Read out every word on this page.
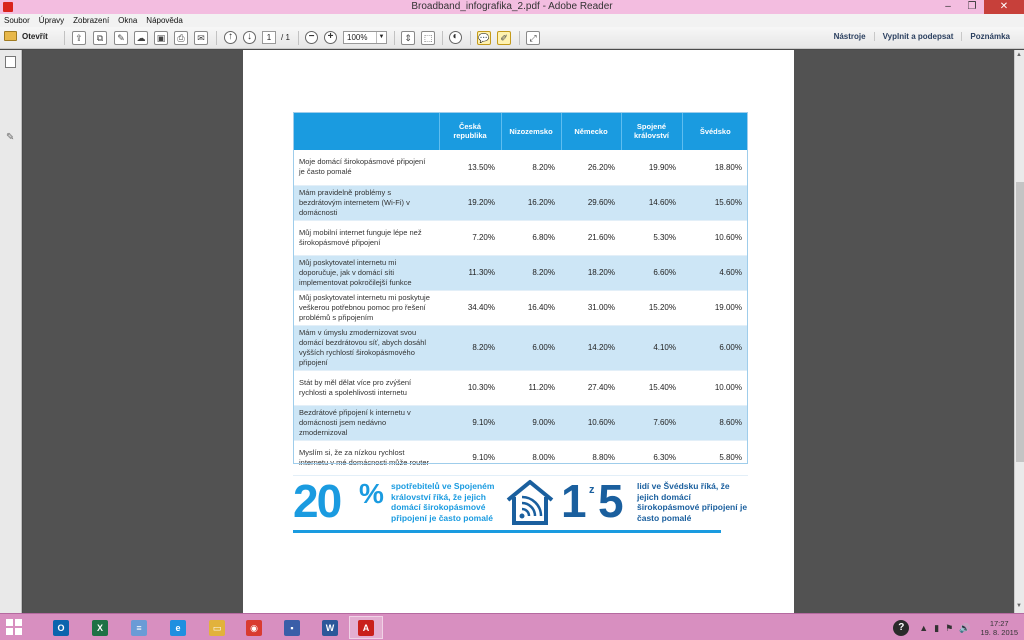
Broadband_infografika_2.pdf - Adobe Reader	–	❐	✕
Soubor Úpravy Zobrazení Okna Nápověda
Otevřít	⇪	⧉	✎	☁	▣	⎙	✉	↑	↓	1	/ 1	−	+	100%	▼	⇕	⬚	◐	💬	✐	⤢	Nástroje	Vyplnit a podepsat	Poznámka
✎
	Česká republika	Nizozemsko	Německo	Spojené království	Švédsko
Moje domácí širokopásmové připojení je často pomalé	13.50%	8.20%	26.20%	19.90%	18.80%
Mám pravidelně problémy s bezdrátovým internetem (Wi-Fi) v domácnosti	19.20%	16.20%	29.60%	14.60%	15.60%
Můj mobilní internet funguje lépe než širokopásmové připojení	7.20%	6.80%	21.60%	5.30%	10.60%
Můj poskytovatel internetu mi doporučuje, jak v domácí síti implementovat pokročilejší funkce	11.30%	8.20%	18.20%	6.60%	4.60%
Můj poskytovatel internetu mi poskytuje veškerou potřebnou pomoc pro řešení problémů s připojením	34.40%	16.40%	31.00%	15.20%	19.00%
Mám v úmyslu zmodernizovat svou domácí bezdrátovou síť, abych dosáhl vyšších rychlostí širokopásmového připojení	8.20%	6.00%	14.20%	4.10%	6.00%
Stát by měl dělat více pro zvýšení rychlosti a spolehlivosti internetu	10.30%	11.20%	27.40%	15.40%	10.00%
Bezdrátové připojení k internetu v domácnosti jsem nedávno zmodernizoval	9.10%	9.00%	10.60%	7.60%	8.60%
Myslím si, že za nízkou rychlost internetu v mé domácnosti může router	9.10%	8.00%	8.80%	6.30%	5.80%
20 % spotřebitelů ve Spojeném království říká, že jejich domácí širokopásmové připojení je často pomalé 1 z 5 lidí ve Švédsku říká, že jejich domácí širokopásmové připojení je často pomalé
▲
▼
O	X	≡	e	▭	◉	▪	W	A	?	▲ ▮ ⚑ 🔊	17:27
19. 8. 2015
